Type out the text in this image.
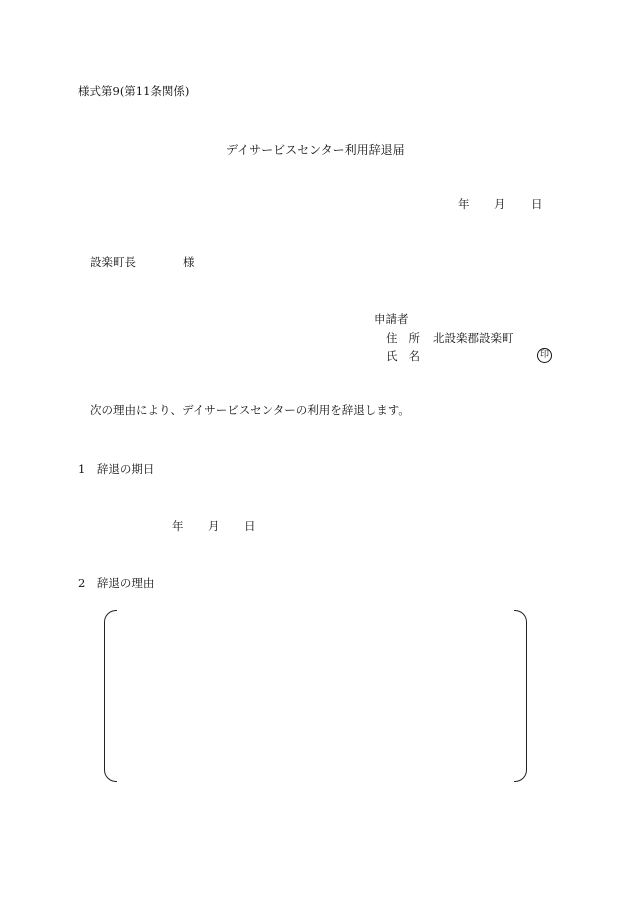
様式第9(第11条関係)
デイサービスセンター利用辞退届
年 月 日
設楽町長	様
申請者
住所 北設楽郡設楽町
氏名	印
次の理由により、デイサービスセンターの利用を辞退します。
1　辞退の期日
年 月 日
2　辞退の理由
